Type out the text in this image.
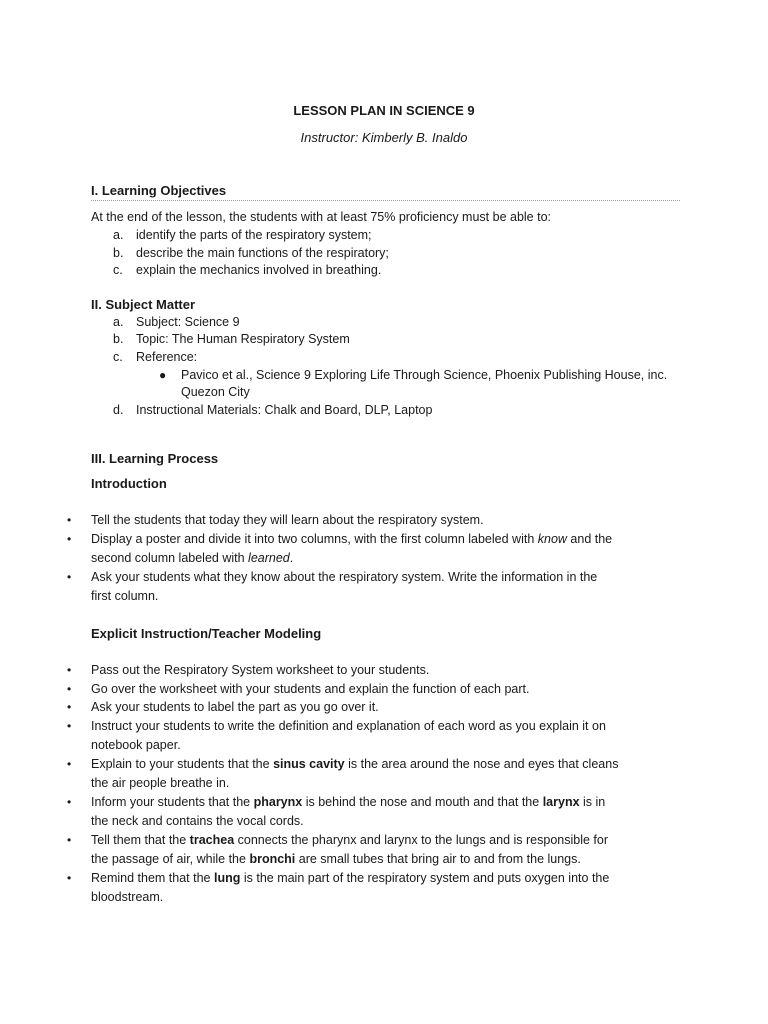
LESSON PLAN IN SCIENCE 9
Instructor: Kimberly B. Inaldo
I. Learning Objectives
At the end of the lesson, the students with at least 75% proficiency must be able to:
a. identify the parts of the respiratory system;
b. describe the main functions of the respiratory;
c. explain the mechanics involved in breathing.
II. Subject Matter
a. Subject: Science 9
b. Topic: The Human Respiratory System
c. Reference:
● Pavico et al., Science 9 Exploring Life Through Science, Phoenix Publishing House, inc.
Quezon City
d. Instructional Materials: Chalk and Board, DLP, Laptop
III. Learning Process
Introduction
• Tell the students that today they will learn about the respiratory system.
• Display a poster and divide it into two columns, with the first column labeled with know and the
second column labeled with learned.
• Ask your students what they know about the respiratory system. Write the information in the
first column.
Explicit Instruction/Teacher Modeling
• Pass out the Respiratory System worksheet to your students.
• Go over the worksheet with your students and explain the function of each part.
• Ask your students to label the part as you go over it.
• Instruct your students to write the definition and explanation of each word as you explain it on
notebook paper.
• Explain to your students that the sinus cavity is the area around the nose and eyes that cleans
the air people breathe in.
• Inform your students that the pharynx is behind the nose and mouth and that the larynx is in
the neck and contains the vocal cords.
• Tell them that the trachea connects the pharynx and larynx to the lungs and is responsible for
the passage of air, while the bronchi are small tubes that bring air to and from the lungs.
• Remind them that the lung is the main part of the respiratory system and puts oxygen into the
bloodstream.
